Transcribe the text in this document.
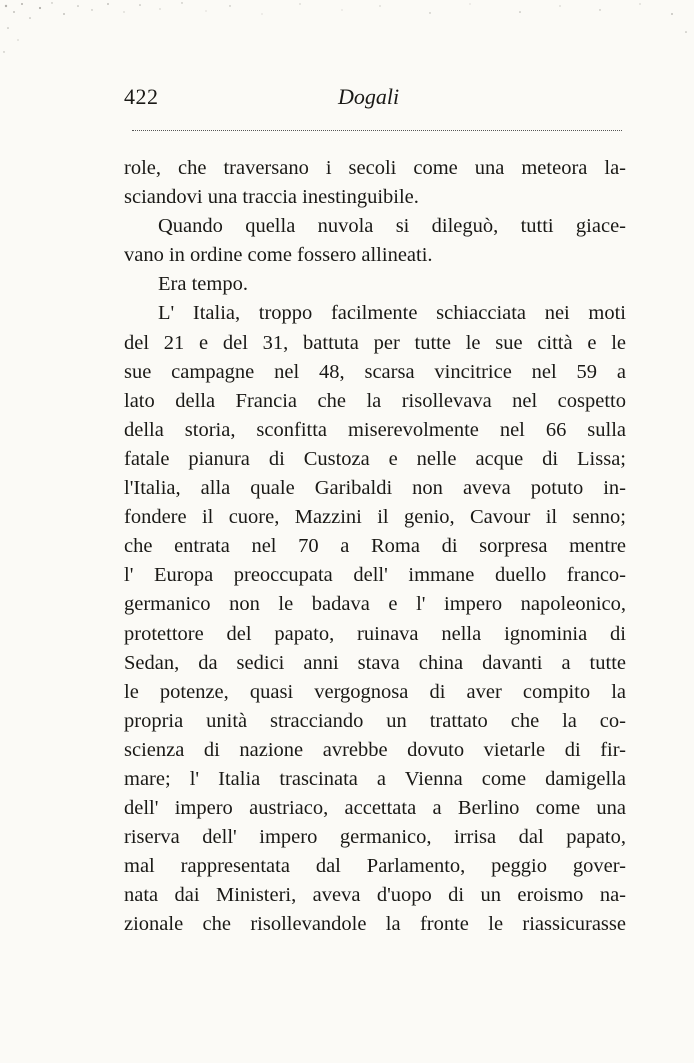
422	Dogali
role, che traversano i secoli come una meteora la-
sciandovi una traccia inestinguibile.
Quando quella nuvola si dileguò, tutti giace-
vano in ordine come fossero allineati.
Era tempo.
L' Italia, troppo facilmente schiacciata nei moti
del 21 e del 31, battuta per tutte le sue città e le
sue campagne nel 48, scarsa vincitrice nel 59 a
lato della Francia che la risollevava nel cospetto
della storia, sconfitta miserevolmente nel 66 sulla
fatale pianura di Custoza e nelle acque di Lissa;
l'Italia, alla quale Garibaldi non aveva potuto in-
fondere il cuore, Mazzini il genio, Cavour il senno;
che entrata nel 70 a Roma di sorpresa mentre
l' Europa preoccupata dell' immane duello franco-
germanico non le badava e l' impero napoleonico,
protettore del papato, ruinava nella ignominia di
Sedan, da sedici anni stava china davanti a tutte
le potenze, quasi vergognosa di aver compito la
propria unità stracciando un trattato che la co-
scienza di nazione avrebbe dovuto vietarle di fir-
mare; l' Italia trascinata a Vienna come damigella
dell' impero austriaco, accettata a Berlino come una
riserva dell' impero germanico, irrisa dal papato,
mal rappresentata dal Parlamento, peggio gover-
nata dai Ministeri, aveva d'uopo di un eroismo na-
zionale che risollevandole la fronte le riassicurasse
